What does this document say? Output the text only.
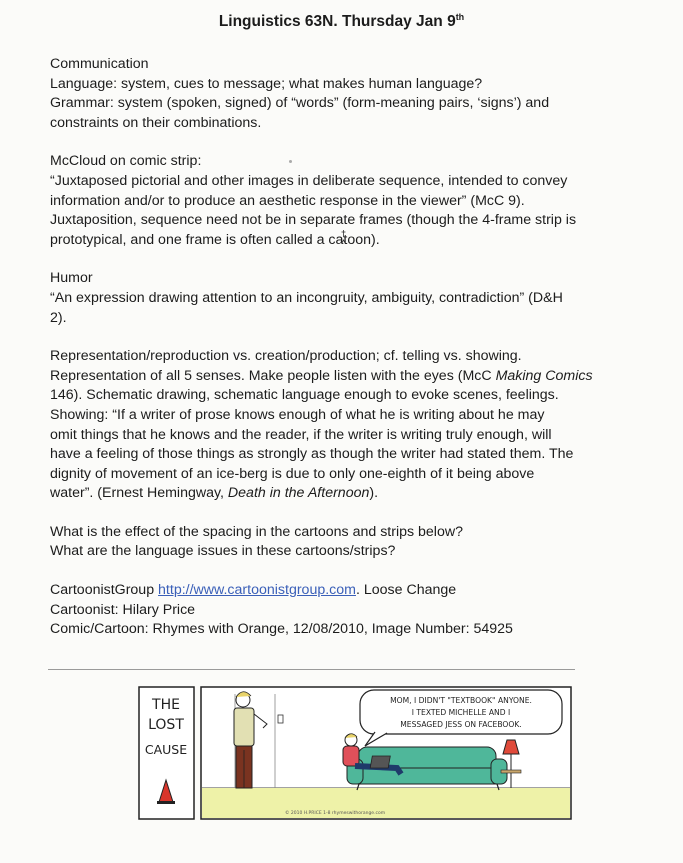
Linguistics 63N. Thursday Jan 9th

Communication
Language: system, cues to message; what makes human language?
Grammar: system (spoken, signed) of “words” (form-meaning pairs, ‘signs’) and
constraints on their combinations.

McCloud on comic strip:
“Juxtaposed pictorial and other images in deliberate sequence, intended to convey
information and/or to produce an aesthetic response in the viewer” (McC 9).
Juxtaposition, sequence need not be in separate frames (though the 4-frame strip is
prototypical, and one frame is often called a ca
toon).

Humor
“An expression drawing attention to an incongruity, ambiguity, contradiction” (D&H
2).

Representation/reproduction vs. creation/production; cf. telling vs. showing.
Representation of all 5 senses. Make people listen with the eyes (McC Making Comics
146). Schematic drawing, schematic language enough to evoke scenes, feelings.
Showing: “If a writer of prose knows enough of what he is writing about he may
omit things that he knows and the reader, if the writer is writing truly enough, will
have a feeling of those things as strongly as though the writer had stated them. The
dignity of movement of an ice-berg is due to only one-eighth of it being above
water”. (Ernest Hemingway, Death in the Afternoon).

What is the effect of the spacing in the cartoons and strips below?
What are the language issues in these cartoons/strips?

CartoonistGroup http://www.cartoonistgroup.com. Loose Change
Cartoonist: Hilary Price
Comic/Cartoon: Rhymes with Orange, 12/08/2010, Image Number: 54925

THE
LOST
CAUSE
MOM, I DIDN'T "TEXTBOOK" ANYONE.
I TEXTED MICHELLE AND I
MESSAGED JESS ON FACEBOOK.
© 2010 H.PRICE 1-8 rhymeswithorange.com
